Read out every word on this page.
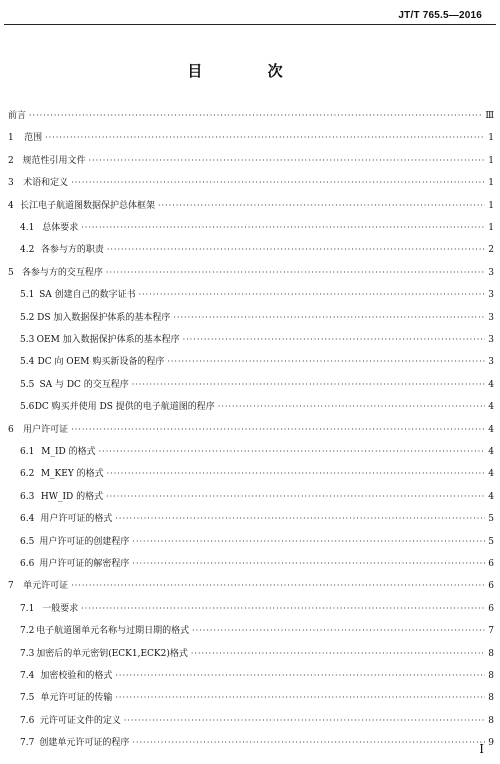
JT/T 765.5—2016
目 次
前言 ·····	Ⅲ
1	范围 ·····	1
2 规范性引用文件 ·····	1
3	术语和定义 ·····	1
4 长江电子航道图数据保护总体框架 ·····	1
4.1 总体要求 ·····	1
4.2 各参与方的职责 ·····	2
5 各参与方的交互程序 ·····	3
5.1 SA 创建自己的数字证书 ·····	3
5.2 DS 加入数据保护体系的基本程序 ·····	3
5.3 OEM 加入数据保护体系的基本程序 ·····	3
5.4 DC 向 OEM 购买新设备的程序 ·····	3
5.5 SA 与 DC 的交互程序 ·····	4
5.6 DC 购买并使用 DS 提供的电子航道图的程序 ·····	4
6	用户许可证 ·····	4
6.1 M_ID 的格式 ·····	4
6.2 M_KEY 的格式 ·····	4
6.3 HW_ID 的格式 ·····	4
6.4 用户许可证的格式 ·····	5
6.5 用户许可证的创建程序 ·····	5
6.6 用户许可证的解密程序 ·····	6
7	单元许可证 ·····	6
7.1 一般要求 ·····	6
7.2 电子航道图单元名称与过期日期的格式 ·····	7
7.3 加密后的单元密钥(ECK1,ECK2)格式 ·····	8
7.4 加密校验和的格式 ·····	8
7.5 单元许可证的传输 ·····	8
7.6 元许可证文件的定义 ·····	8
7.7 创建单元许可证的程序 ·····	9
Ⅰ
